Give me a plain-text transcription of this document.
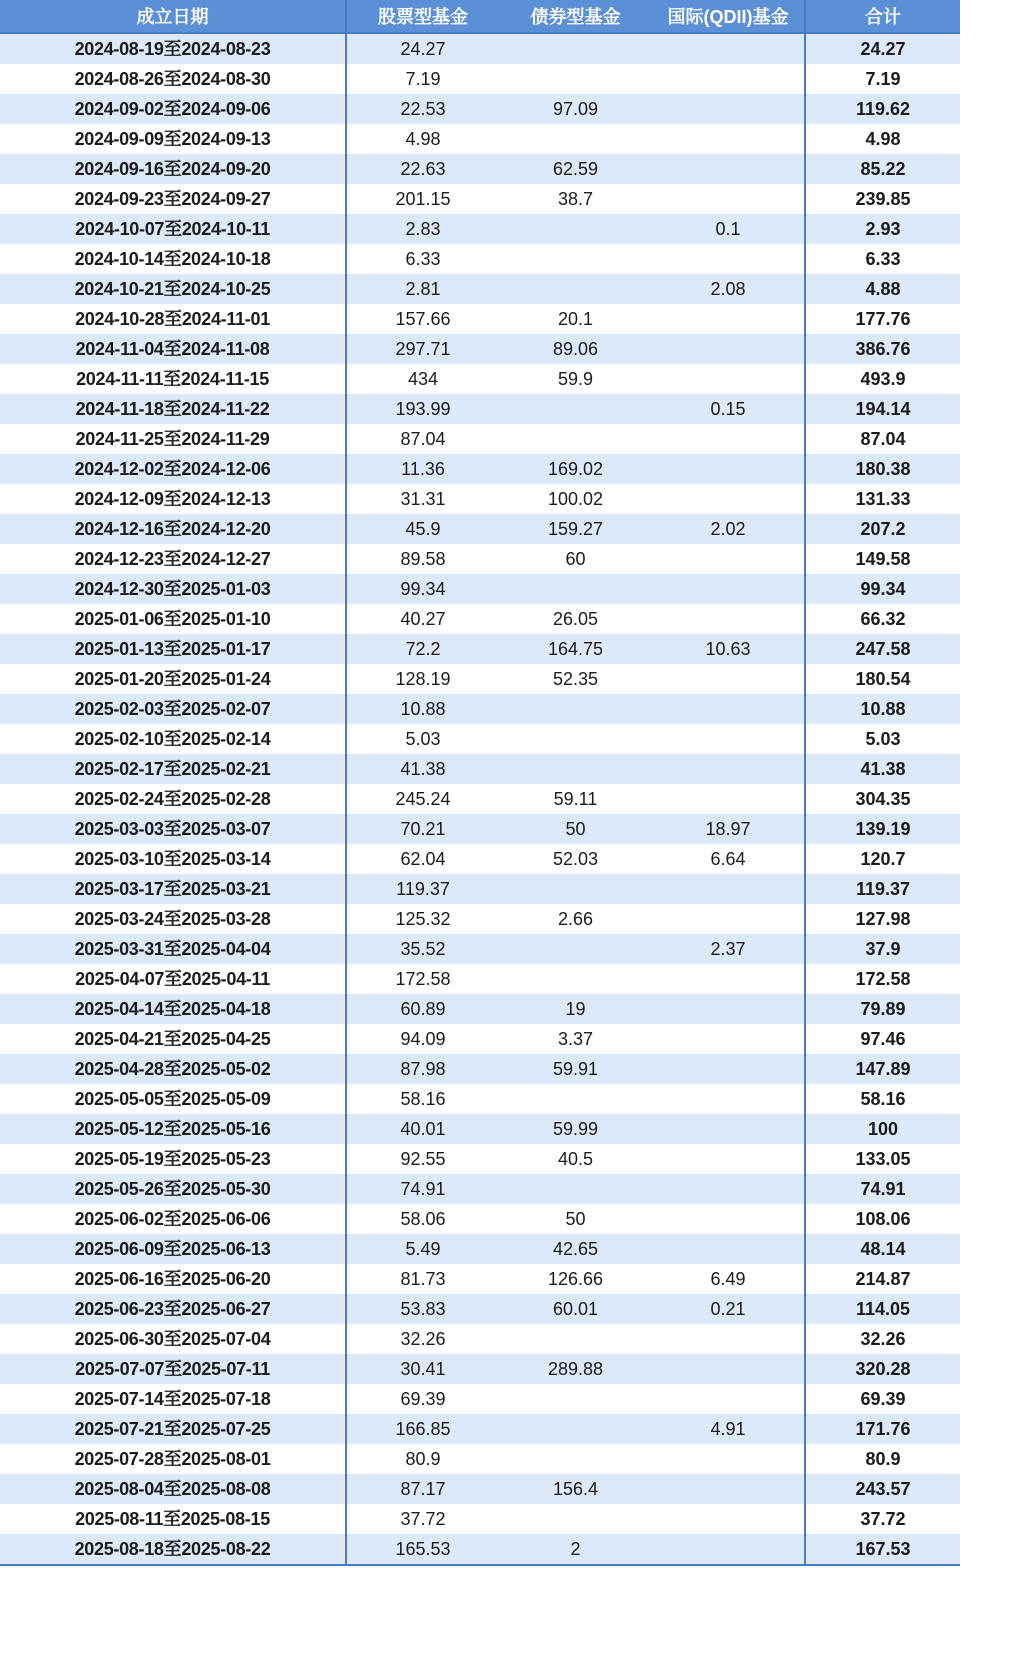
成立日期	股票型基金	债券型基金	国际(QDII)基金	合计
2024-08-19至2024-08-23	24.27			24.27
2024-08-26至2024-08-30	7.19			7.19
2024-09-02至2024-09-06	22.53	97.09		119.62
2024-09-09至2024-09-13	4.98			4.98
2024-09-16至2024-09-20	22.63	62.59		85.22
2024-09-23至2024-09-27	201.15	38.7		239.85
2024-10-07至2024-10-11	2.83		0.1	2.93
2024-10-14至2024-10-18	6.33			6.33
2024-10-21至2024-10-25	2.81		2.08	4.88
2024-10-28至2024-11-01	157.66	20.1		177.76
2024-11-04至2024-11-08	297.71	89.06		386.76
2024-11-11至2024-11-15	434	59.9		493.9
2024-11-18至2024-11-22	193.99		0.15	194.14
2024-11-25至2024-11-29	87.04			87.04
2024-12-02至2024-12-06	11.36	169.02		180.38
2024-12-09至2024-12-13	31.31	100.02		131.33
2024-12-16至2024-12-20	45.9	159.27	2.02	207.2
2024-12-23至2024-12-27	89.58	60		149.58
2024-12-30至2025-01-03	99.34			99.34
2025-01-06至2025-01-10	40.27	26.05		66.32
2025-01-13至2025-01-17	72.2	164.75	10.63	247.58
2025-01-20至2025-01-24	128.19	52.35		180.54
2025-02-03至2025-02-07	10.88			10.88
2025-02-10至2025-02-14	5.03			5.03
2025-02-17至2025-02-21	41.38			41.38
2025-02-24至2025-02-28	245.24	59.11		304.35
2025-03-03至2025-03-07	70.21	50	18.97	139.19
2025-03-10至2025-03-14	62.04	52.03	6.64	120.7
2025-03-17至2025-03-21	119.37			119.37
2025-03-24至2025-03-28	125.32	2.66		127.98
2025-03-31至2025-04-04	35.52		2.37	37.9
2025-04-07至2025-04-11	172.58			172.58
2025-04-14至2025-04-18	60.89	19		79.89
2025-04-21至2025-04-25	94.09	3.37		97.46
2025-04-28至2025-05-02	87.98	59.91		147.89
2025-05-05至2025-05-09	58.16			58.16
2025-05-12至2025-05-16	40.01	59.99		100
2025-05-19至2025-05-23	92.55	40.5		133.05
2025-05-26至2025-05-30	74.91			74.91
2025-06-02至2025-06-06	58.06	50		108.06
2025-06-09至2025-06-13	5.49	42.65		48.14
2025-06-16至2025-06-20	81.73	126.66	6.49	214.87
2025-06-23至2025-06-27	53.83	60.01	0.21	114.05
2025-06-30至2025-07-04	32.26			32.26
2025-07-07至2025-07-11	30.41	289.88		320.28
2025-07-14至2025-07-18	69.39			69.39
2025-07-21至2025-07-25	166.85		4.91	171.76
2025-07-28至2025-08-01	80.9			80.9
2025-08-04至2025-08-08	87.17	156.4		243.57
2025-08-11至2025-08-15	37.72			37.72
2025-08-18至2025-08-22	165.53	2		167.53
